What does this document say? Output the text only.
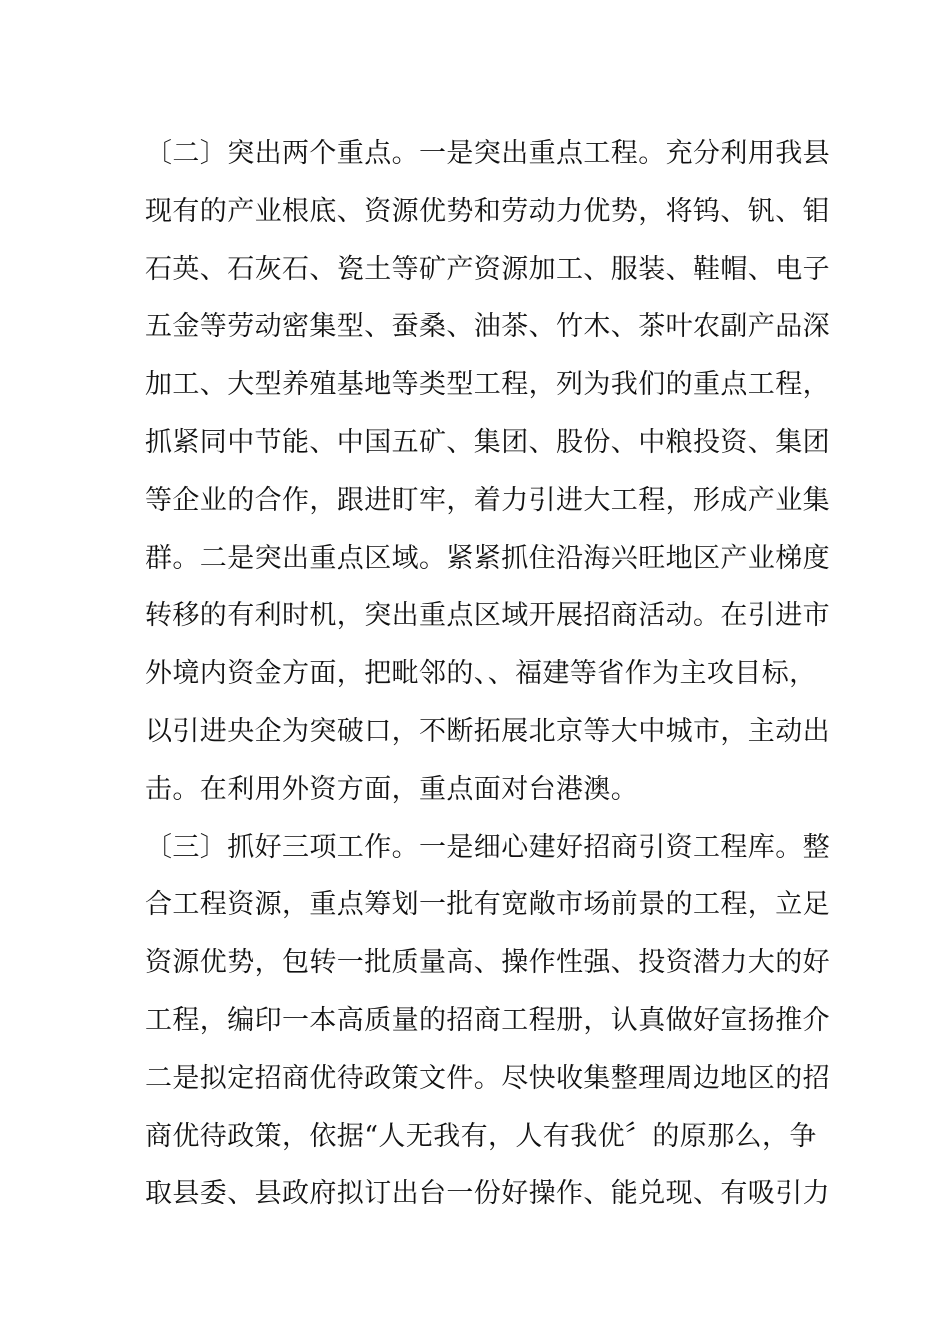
〔二〕突出两个重点。一是突出重点工程。充分利用我县
现有的产业根底、资源优势和劳动力优势，将钨、钒、钼
石英、石灰石、瓷土等矿产资源加工、服装、鞋帽、电子
五金等劳动密集型、蚕桑、油茶、竹木、茶叶农副产品深
加工、大型养殖基地等类型工程，列为我们的重点工程，
抓紧同中节能、中国五矿、集团、股份、中粮投资、集团
等企业的合作，跟进盯牢，着力引进大工程，形成产业集
群。二是突出重点区域。紧紧抓住沿海兴旺地区产业梯度
转移的有利时机，突出重点区域开展招商活动。在引进市
外境内资金方面，把毗邻的、、福建等省作为主攻目标，
以引进央企为突破口，不断拓展北京等大中城市，主动出
击。在利用外资方面，重点面对台港澳。
〔三〕抓好三项工作。一是细心建好招商引资工程库。整
合工程资源，重点筹划一批有宽敞市场前景的工程，立足
资源优势，包转一批质量高、操作性强、投资潜力大的好
工程，编印一本高质量的招商工程册，认真做好宣扬推介
二是拟定招商优待政策文件。尽快收集整理周边地区的招
商优待政策，依据“人无我有，人有我优〞的原那么，争
取县委、县政府拟订出台一份好操作、能兑现、有吸引力
